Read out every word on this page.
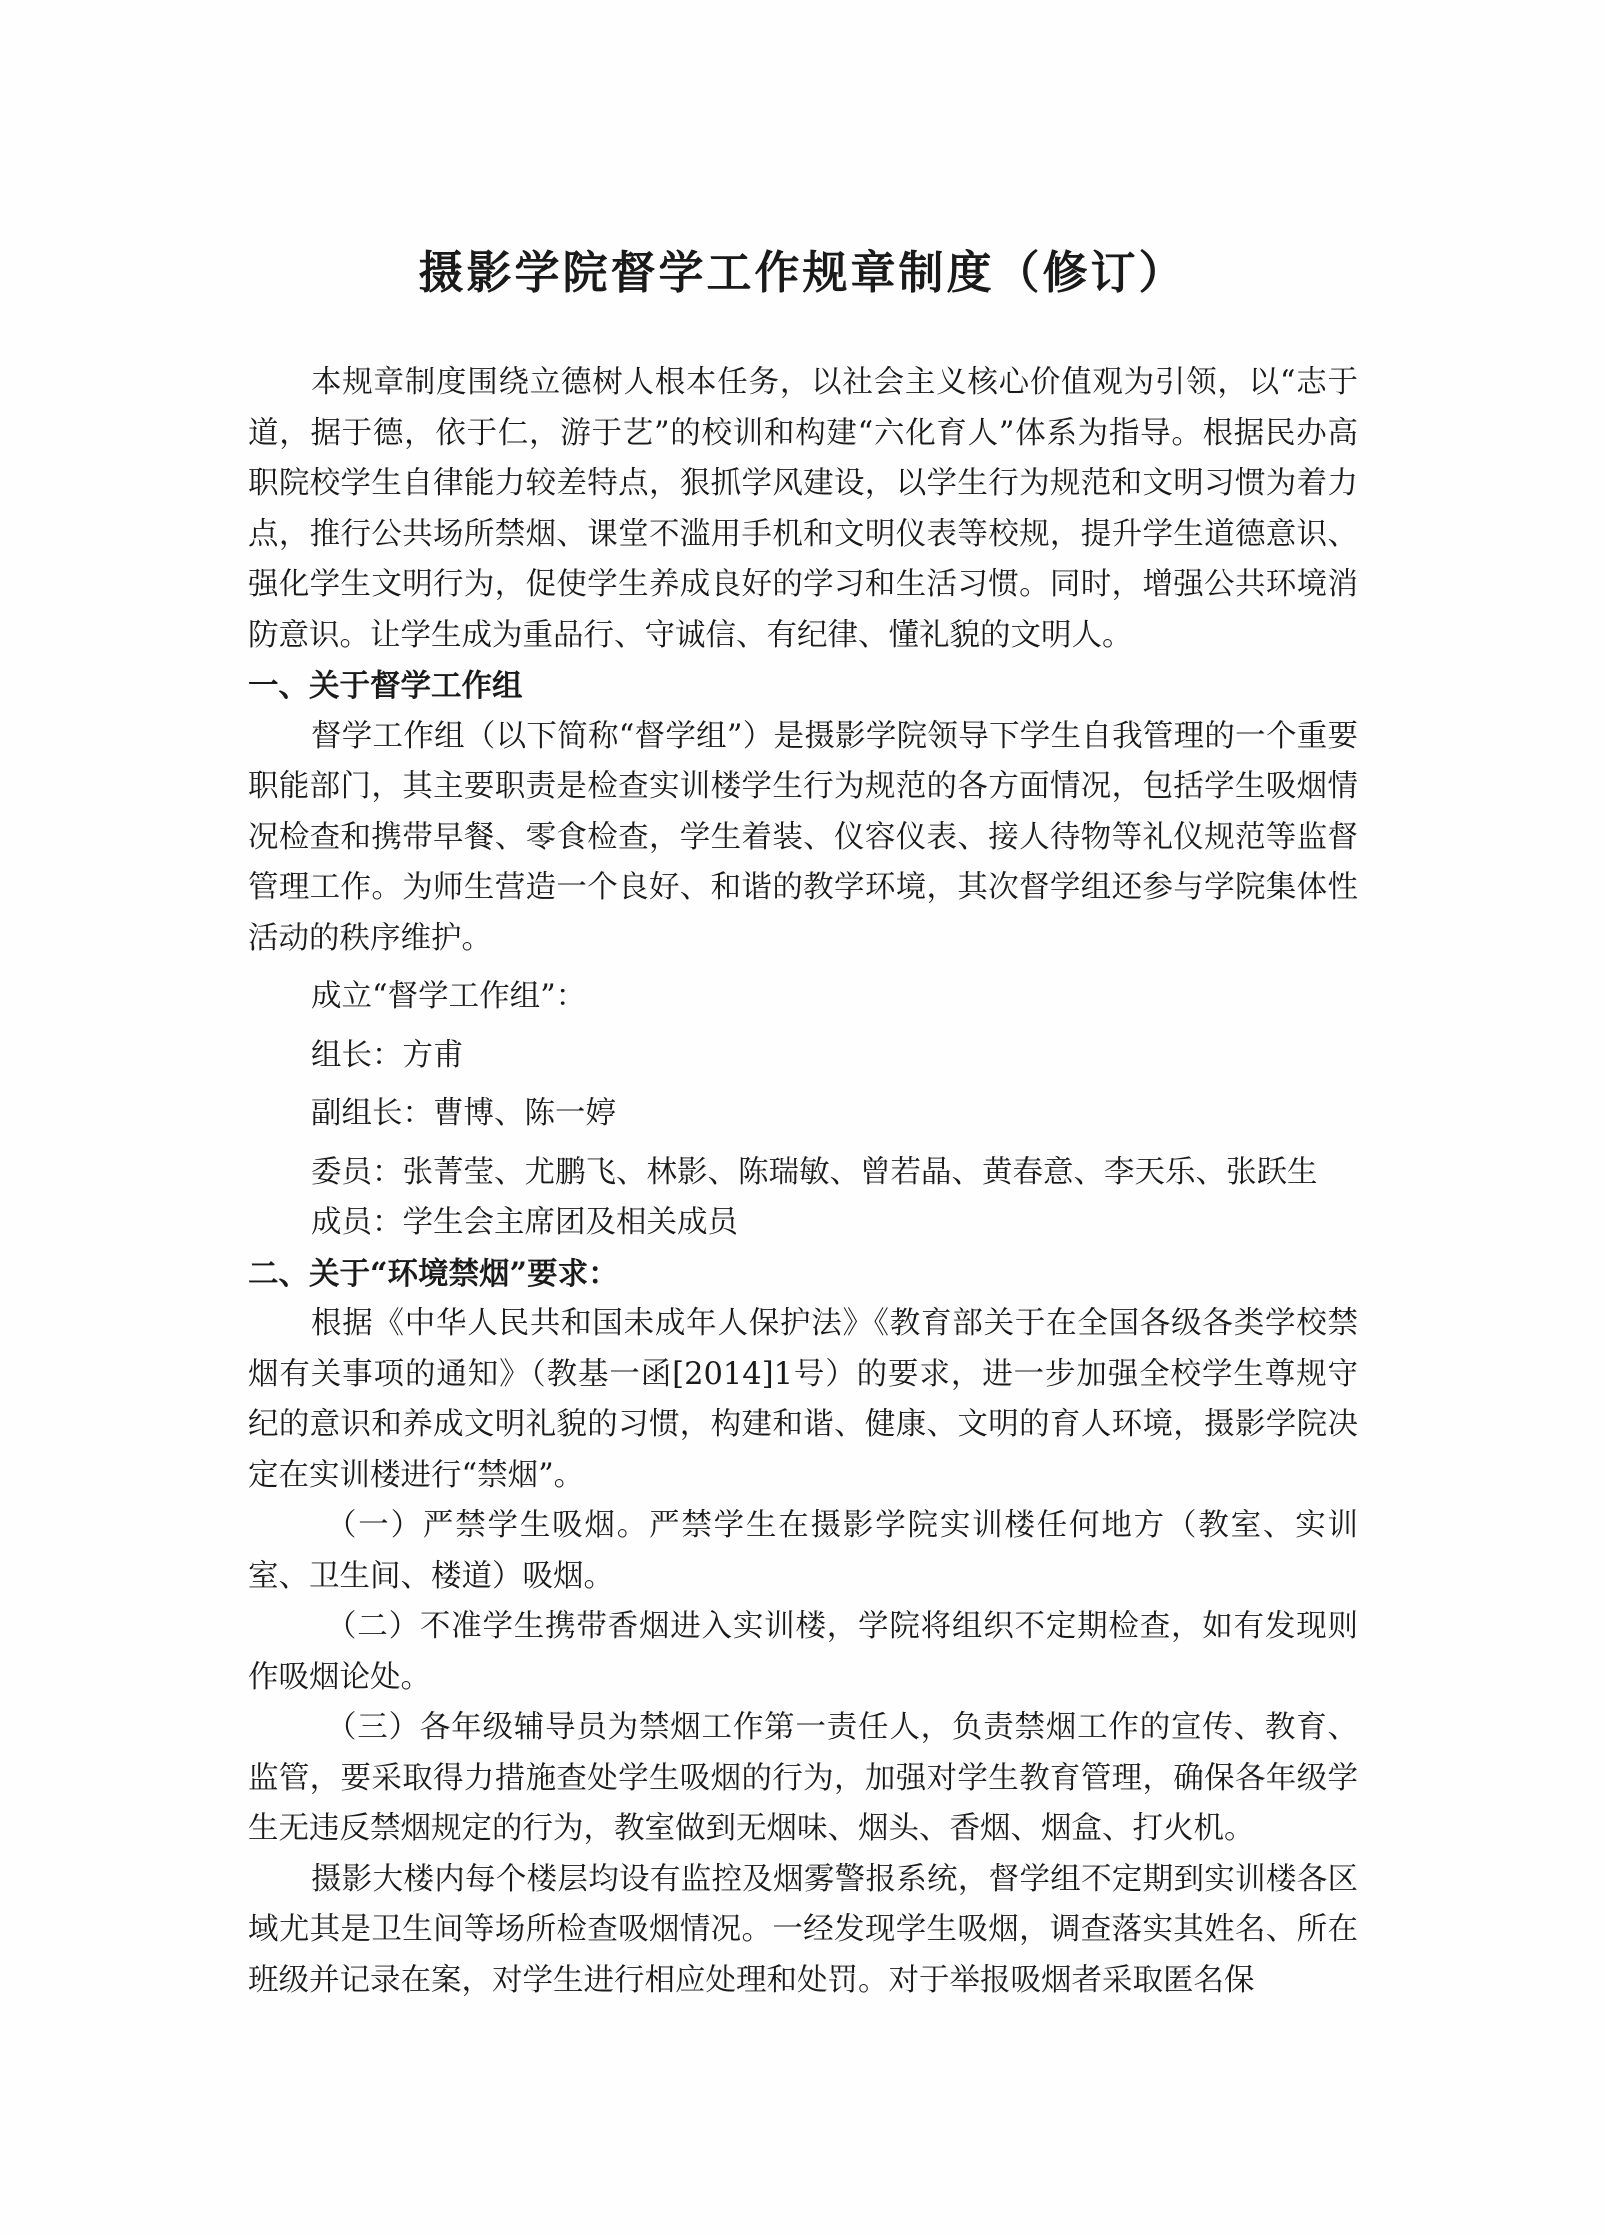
摄影学院督学工作规章制度（修订）

本规章制度围绕立德树人根本任务，以社会主义核心价值观为引领，以“志于道，据于德，依于仁，游于艺”的校训和构建“六化育人”体系为指导。根据民办高职院校学生自律能力较差特点，狠抓学风建设，以学生行为规范和文明习惯为着力点，推行公共场所禁烟、课堂不滥用手机和文明仪表等校规，提升学生道德意识、强化学生文明行为，促使学生养成良好的学习和生活习惯。同时，增强公共环境消防意识。让学生成为重品行、守诚信、有纪律、懂礼貌的文明人。

一、关于督学工作组

督学工作组（以下简称“督学组”）是摄影学院领导下学生自我管理的一个重要职能部门，其主要职责是检查实训楼学生行为规范的各方面情况，包括学生吸烟情况检查和携带早餐、零食检查，学生着装、仪容仪表、接人待物等礼仪规范等监督管理工作。为师生营造一个良好、和谐的教学环境，其次督学组还参与学院集体性活动的秩序维护。

成立“督学工作组”：

组长：方甫

副组长：曹博、陈一婷

委员：张菁莹、尤鹏飞、林影、陈瑞敏、曾若晶、黄春意、李天乐、张跃生

成员：学生会主席团及相关成员

二、关于“环境禁烟”要求：

根据《中华人民共和国未成年人保护法》《教育部关于在全国各级各类学校禁烟有关事项的通知》（教基一函[2014]1号）的要求，进一步加强全校学生尊规守纪的意识和养成文明礼貌的习惯，构建和谐、健康、文明的育人环境，摄影学院决定在实训楼进行“禁烟”。

（一）严禁学生吸烟。严禁学生在摄影学院实训楼任何地方（教室、实训室、卫生间、楼道）吸烟。

（二）不准学生携带香烟进入实训楼，学院将组织不定期检查，如有发现则作吸烟论处。

（三）各年级辅导员为禁烟工作第一责任人，负责禁烟工作的宣传、教育、监管，要采取得力措施查处学生吸烟的行为，加强对学生教育管理，确保各年级学生无违反禁烟规定的行为，教室做到无烟味、烟头、香烟、烟盒、打火机。

摄影大楼内每个楼层均设有监控及烟雾警报系统，督学组不定期到实训楼各区域尤其是卫生间等场所检查吸烟情况。一经发现学生吸烟，调查落实其姓名、所在班级并记录在案，对学生进行相应处理和处罚。对于举报吸烟者采取匿名保
